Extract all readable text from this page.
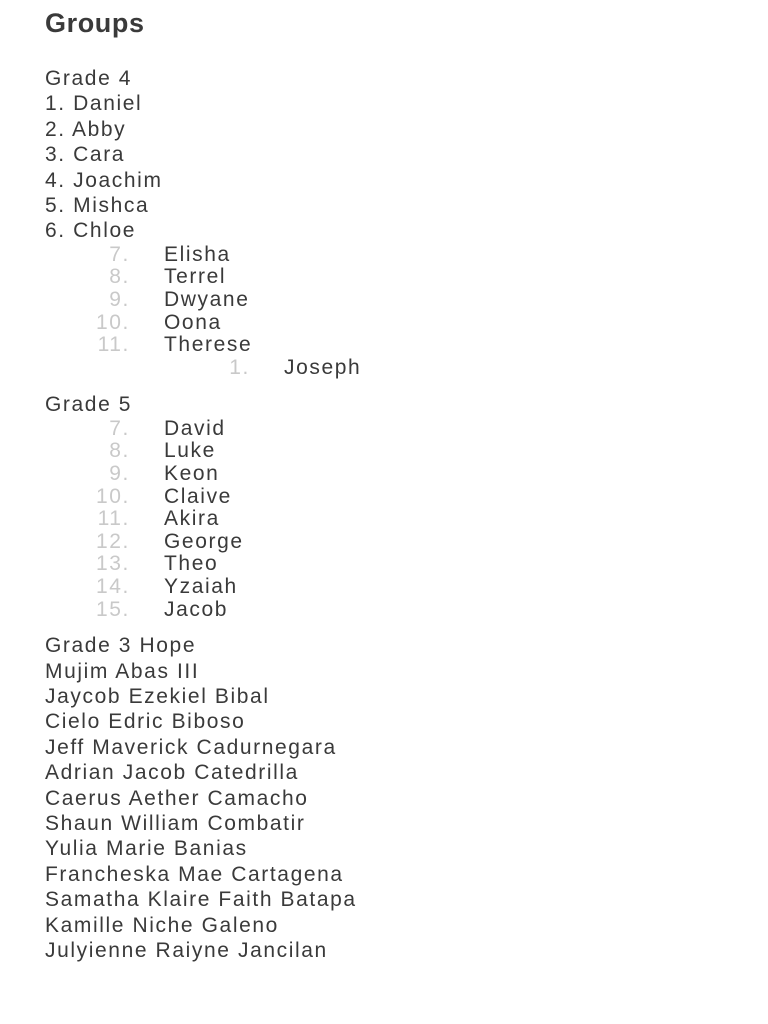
Groups
Grade 4
1. Daniel
2. Abby
3. Cara
4. Joachim
5. Mishca
6. Chloe
7. Elisha
8. Terrel
9. Dwyane
10. Oona
11. Therese
1. Joseph
Grade 5
7. David
8. Luke
9. Keon
10. Claive
11. Akira
12. George
13. Theo
14. Yzaiah
15. Jacob
Grade 3 Hope
Mujim Abas III
Jaycob Ezekiel Bibal
Cielo Edric Biboso
Jeff Maverick Cadurnegara
Adrian Jacob Catedrilla
Caerus Aether Camacho
Shaun William Combatir
Yulia Marie Banias
Francheska Mae Cartagena
Samatha Klaire Faith Batapa
Kamille Niche Galeno
Julyienne Raiyne Jancilan
